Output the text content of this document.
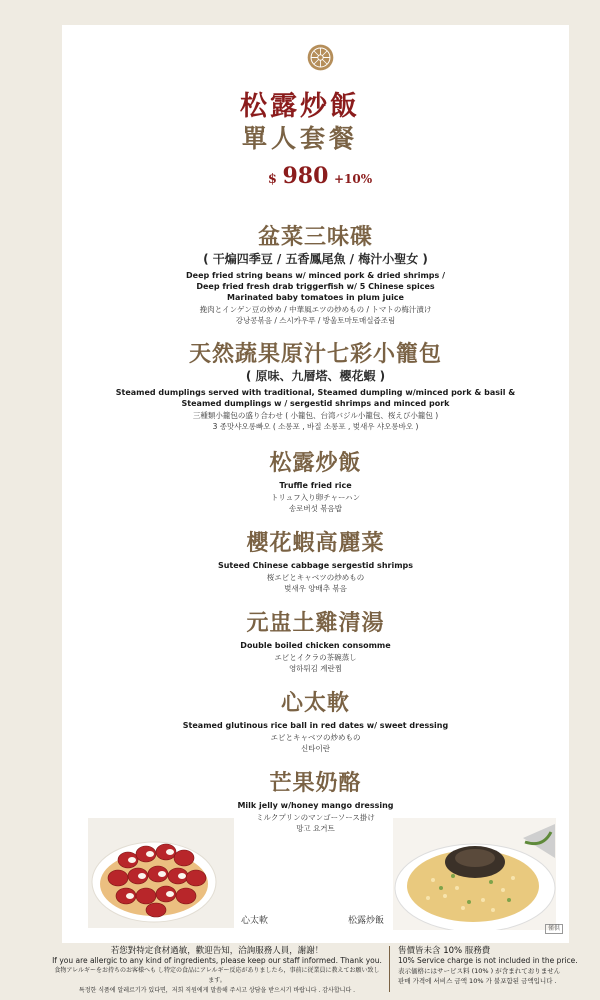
松露炒飯
單人套餐
$ 980 +10%
盆菜三味碟
( 干煸四季豆 / 五香鳳尾魚 / 梅汁小聖女 )
Deep fried string beans w/ minced pork & dried shrimps /
Deep fried fresh drab triggerfish w/ 5 Chinese spices
Marinated baby tomatoes in plum juice
挽肉とインゲン豆の炒め / 中華風エツの炒めもの / トマトの梅汁漬け
강낭콩볶음 / 스시카우푸 / 방울토마토매실즙조림
天然蔬果原汁七彩小籠包
( 原味、九層塔、櫻花蝦 )
Steamed dumplings served with traditional, Steamed dumpling w/minced pork & basil &
Steamed dumplings w / sergestid shrimps and minced pork
三種類小籠包の盛り合わせ ( 小籠包、台湾バジル小籠包、桜えび小籠包 )
3 종맛샤오롱빠오 ( 소롱포 , 바질 소롱포 , 벚새우 샤오롱바오 )
松露炒飯
Truffle fried rice
トリュフ入り卵チャーハン
송로버섯 볶음밥
櫻花蝦高麗菜
Suteed Chinese cabbage sergestid shrimps
桜エビとキャベツの炒めもの
벚새우 양배추 볶음
元盅土雞清湯
Double boiled chicken consomme
エビとイクラの茶碗蒸し
영하튀김 계란찜
心太軟
Steamed glutinous rice ball in red dates w/ sweet dressing
エビとキャベツの炒めもの
신타이란
芒果奶酪
Milk jelly w/honey mango dressing
ミルクプリンのマンゴーソース掛け
망고 요거트
心太軟	松露炒飯
僅供
若您對特定食材過敏，歡迎告知，洽詢服務人員，謝謝！
If you are allergic to any kind of ingredients, please keep our staff informed. Thank you.
食物アレルギーをお持ちのお客様へも し特定の食品にアレルギー反応がありましたら，事前に従業員に教えてお願い致します。
특정한 식품에 알레르기가 있다면，저희 직원에게 말씀해 주시고 상담을 받으시기 바랍니다 . 감사합니다 .
售價皆未含 10% 服務費
10% Service charge is not included in the price.
表示価格にはサービス料 (10% ) が含まれておりません
판매 가격에 서비스 금액 10% 가 불포함된 금액입니다 .
